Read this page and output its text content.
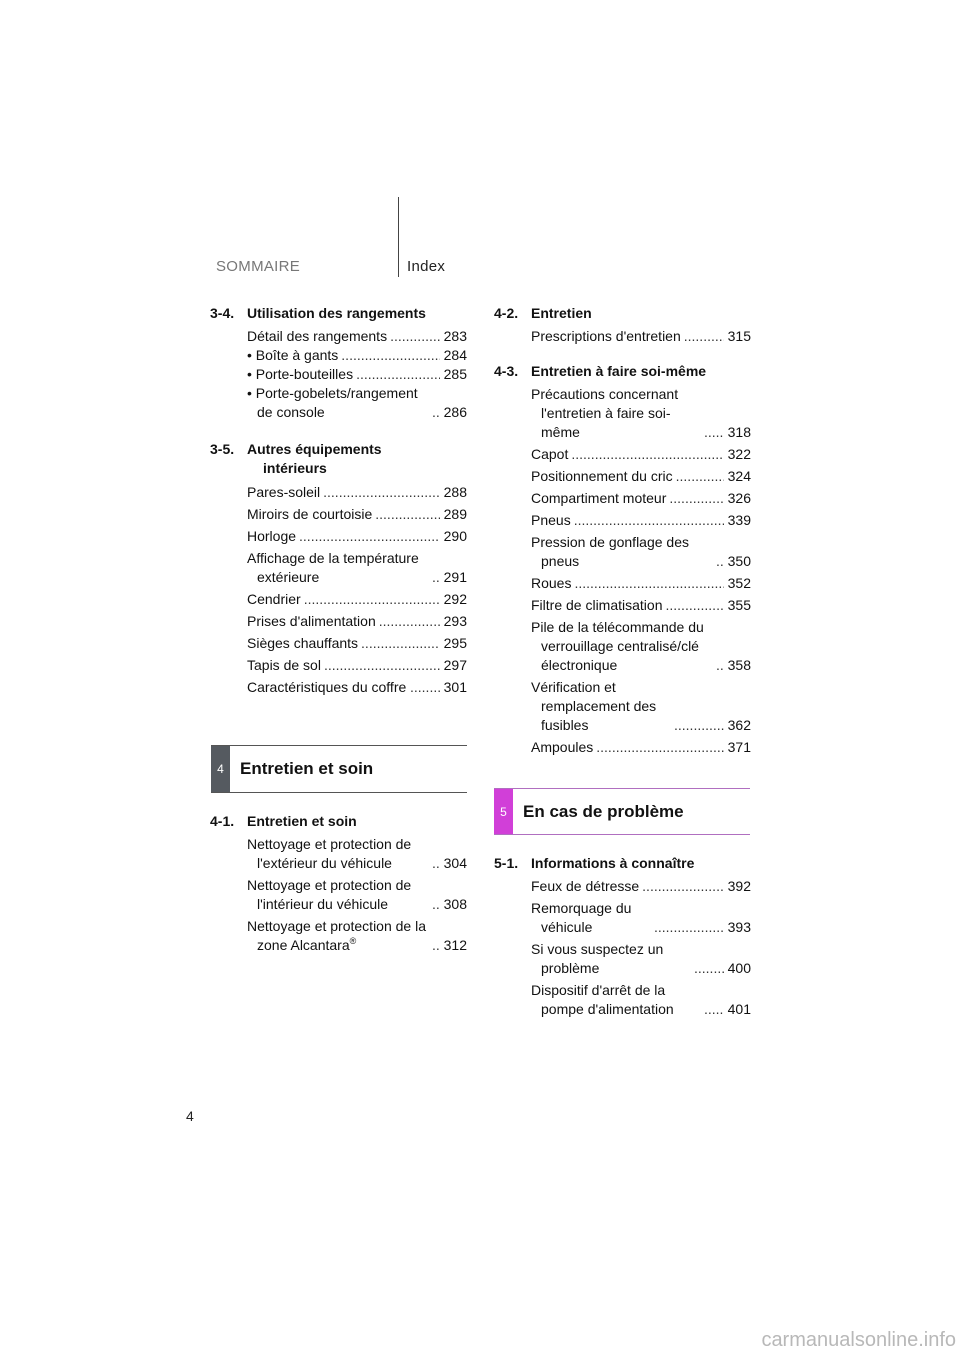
SOMMAIRE	Index
3-4. Utilisation des rangements
Détail des rangements .....	283
• Boîte à gants .....	284
• Porte-bouteilles .....	285
• Porte-gobelets/rangement de console .....	286
3-5. Autres équipements intérieurs
Pares-soleil .....	288
Miroirs de courtoisie .....	289
Horloge .....	290
Affichage de la température extérieure .....	291
Cendrier .....	292
Prises d'alimentation .....	293
Sièges chauffants .....	295
Tapis de sol .....	297
Caractéristiques du coffre .....	301
4 Entretien et soin
4-1. Entretien et soin
Nettoyage et protection de l'extérieur du véhicule .....	304
Nettoyage et protection de l'intérieur du véhicule .....	308
Nettoyage et protection de la zone Alcantara® .....	312
4-2. Entretien
Prescriptions d'entretien .....	315
4-3. Entretien à faire soi-même
Précautions concernant l'entretien à faire soi-même .....	318
Capot .....	322
Positionnement du cric .....	324
Compartiment moteur .....	326
Pneus .....	339
Pression de gonflage des pneus .....	350
Roues .....	352
Filtre de climatisation .....	355
Pile de la télécommande du verrouillage centralisé/clé électronique .....	358
Vérification et remplacement des fusibles .....	362
Ampoules .....	371
5 En cas de problème
5-1. Informations à connaître
Feux de détresse .....	392
Remorquage du véhicule .....	393
Si vous suspectez un problème .....	400
Dispositif d'arrêt de la pompe d'alimentation .....	401
4
carmanualsonline.info
